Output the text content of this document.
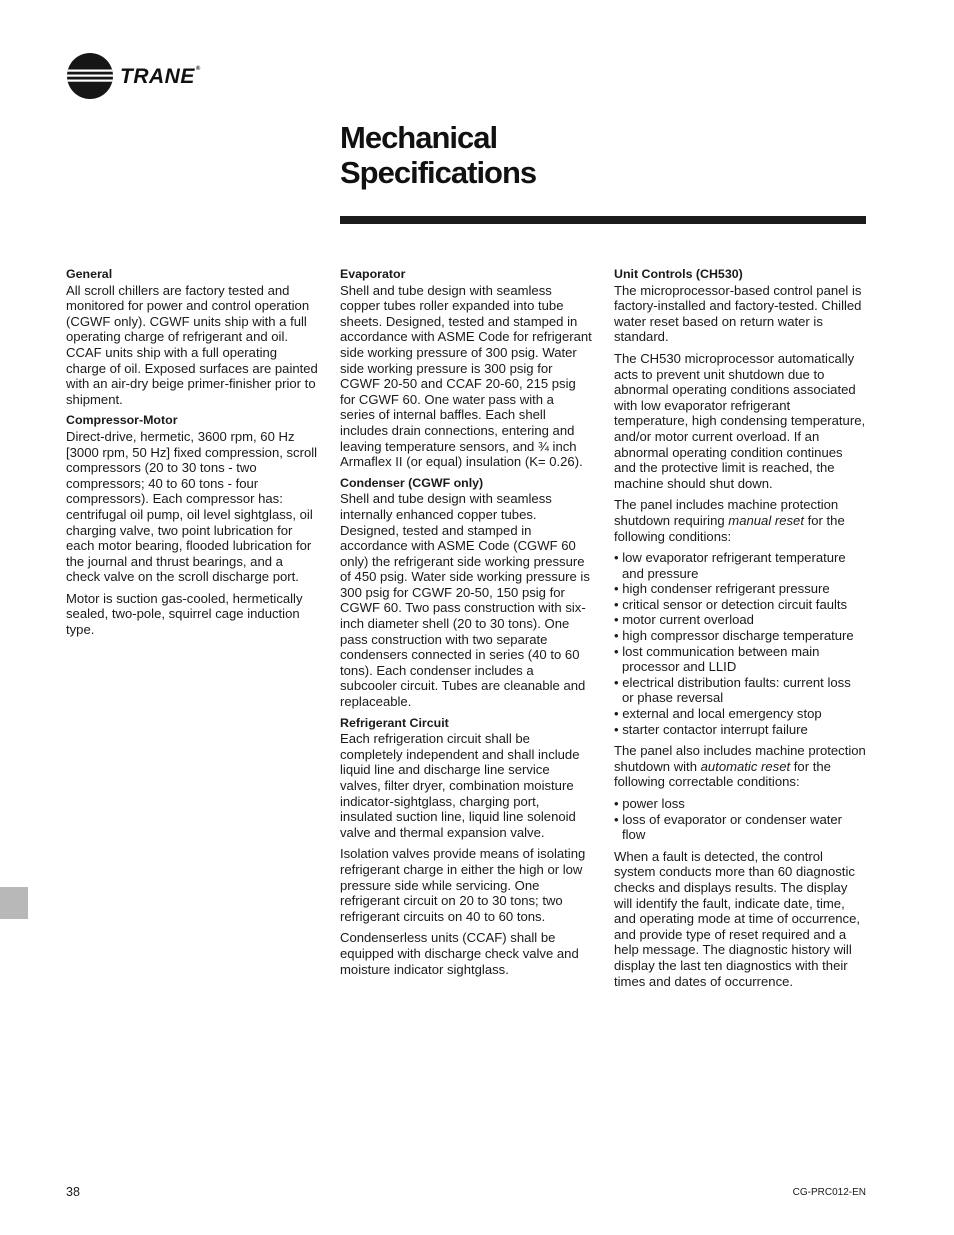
TRANE®
Mechanical
Specifications
General

All scroll chillers are factory tested and monitored for power and control operation (CGWF only). CGWF units ship with a full operating charge of refrigerant and oil. CCAF units ship with a full operating charge of oil. Exposed surfaces are painted with an air-dry beige primer-finisher prior to shipment.

Compressor-Motor

Direct-drive, hermetic, 3600 rpm, 60 Hz [3000 rpm, 50 Hz] fixed compression, scroll compressors (20 to 30 tons - two compressors; 40 to 60 tons - four compressors). Each compressor has: centrifugal oil pump, oil level sightglass, oil charging valve, two point lubrication for each motor bearing, flooded lubrication for the journal and thrust bearings, and a check valve on the scroll discharge port.

Motor is suction gas-cooled, hermetically sealed, two-pole, squirrel cage induction type.

Evaporator

Shell and tube design with seamless copper tubes roller expanded into tube sheets. Designed, tested and stamped in accordance with ASME Code for refrigerant side working pressure of 300 psig. Water side working pressure is 300 psig for CGWF 20-50 and CCAF 20-60, 215 psig for CGWF 60. One water pass with a series of internal baffles. Each shell includes drain connections, entering and leaving temperature sensors, and ¾ inch Armaflex II (or equal) insulation (K= 0.26).

Condenser (CGWF only)

Shell and tube design with seamless internally enhanced copper tubes. Designed, tested and stamped in accordance with ASME Code (CGWF 60 only) the refrigerant side working pressure of 450 psig. Water side working pressure is 300 psig for CGWF 20-50, 150 psig for CGWF 60. Two pass construction with six-inch diameter shell (20 to 30 tons). One pass construction with two separate condensers connected in series (40 to 60 tons). Each condenser includes a subcooler circuit. Tubes are cleanable and replaceable.

Refrigerant Circuit

Each refrigeration circuit shall be completely independent and shall include liquid line and discharge line service valves, filter dryer, combination moisture indicator-sightglass, charging port, insulated suction line, liquid line solenoid valve and thermal expansion valve.

Isolation valves provide means of isolating refrigerant charge in either the high or low pressure side while servicing. One refrigerant circuit on 20 to 30 tons; two refrigerant circuits on 40 to 60 tons.

Condenserless units (CCAF) shall be equipped with discharge check valve and moisture indicator sightglass.

Unit Controls (CH530)

The microprocessor-based control panel is factory-installed and factory-tested. Chilled water reset based on return water is standard.

The CH530 microprocessor automatically acts to prevent unit shutdown due to abnormal operating conditions associated with low evaporator refrigerant temperature, high condensing temperature, and/or motor current overload. If an abnormal operating condition continues and the protective limit is reached, the machine should shut down.

The panel includes machine protection shutdown requiring manual reset for the following conditions:

• low evaporator refrigerant temperature and pressure
• high condenser refrigerant pressure
• critical sensor or detection circuit faults
• motor current overload
• high compressor discharge temperature
• lost communication between main processor and LLID
• electrical distribution faults: current loss or phase reversal
• external and local emergency stop
• starter contactor interrupt failure

The panel also includes machine protection shutdown with automatic reset for the following correctable conditions:

• power loss
• loss of evaporator or condenser water flow

When a fault is detected, the control system conducts more than 60 diagnostic checks and displays results. The display will identify the fault, indicate date, time, and operating mode at time of occurrence, and provide type of reset required and a help message. The diagnostic history will display the last ten diagnostics with their times and dates of occurrence.

38	CG-PRC012-EN
